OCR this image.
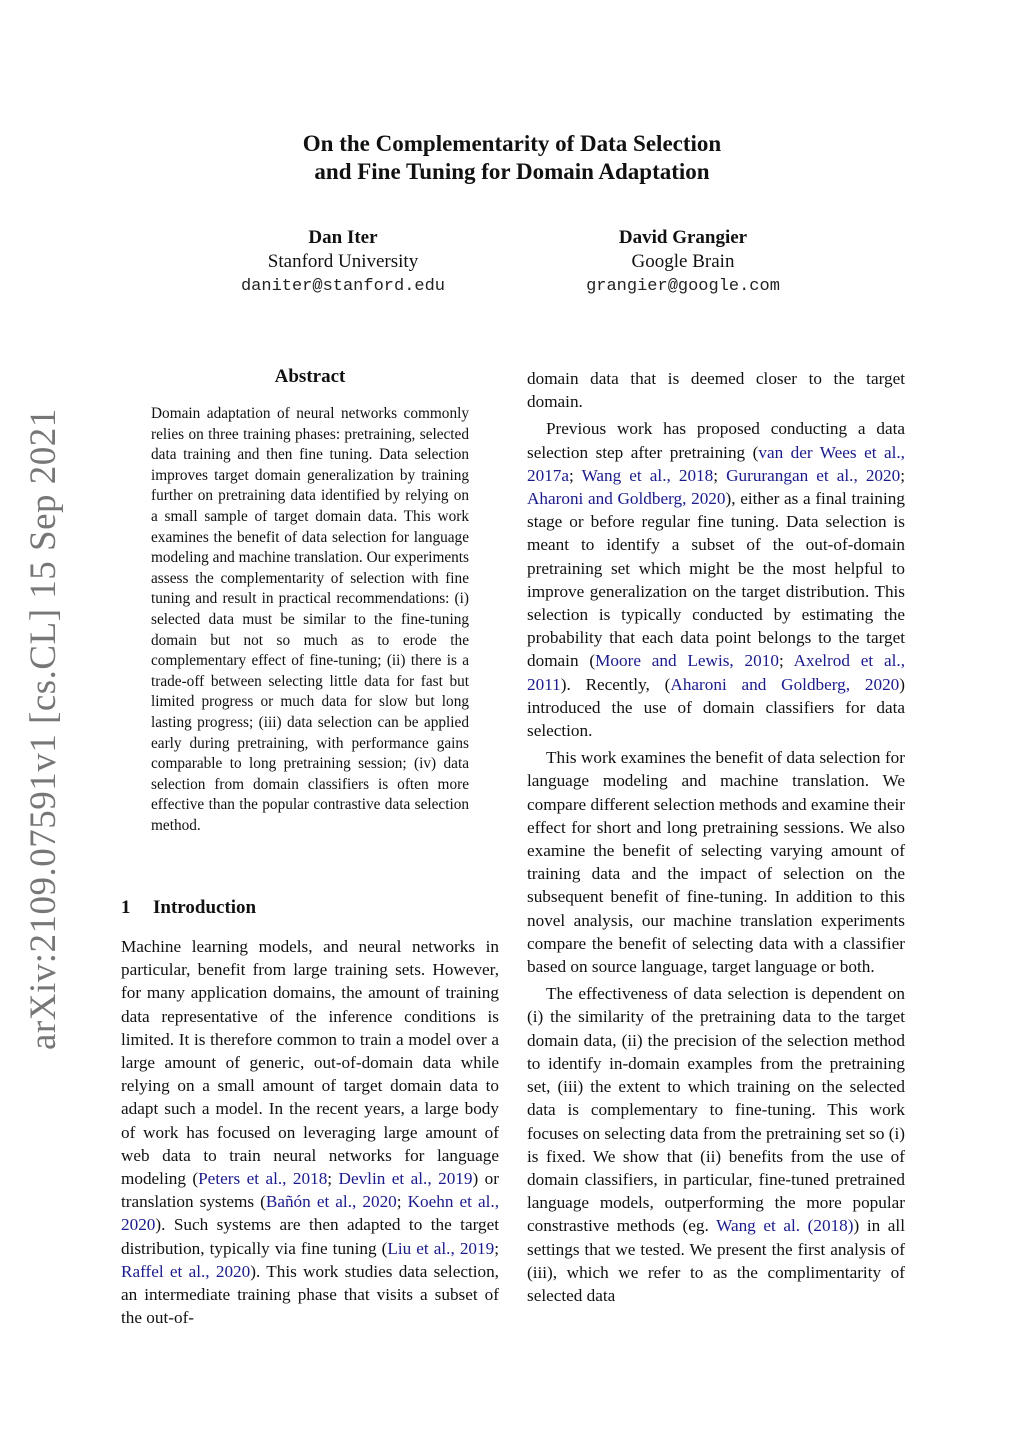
On the Complementarity of Data Selection
and Fine Tuning for Domain Adaptation
Dan Iter
Stanford University
daniter@stanford.edu
David Grangier
Google Brain
grangier@google.com
arXiv:2109.07591v1 [cs.CL] 15 Sep 2021
Abstract

Domain adaptation of neural networks commonly relies on three training phases: pretraining, selected data training and then fine tuning. Data selection improves target domain generalization by training further on pretraining data identified by relying on a small sample of target domain data. This work examines the benefit of data selection for language modeling and machine translation. Our experiments assess the complementarity of selection with fine tuning and result in practical recommendations: (i) selected data must be similar to the fine-tuning domain but not so much as to erode the complementary effect of fine-tuning; (ii) there is a trade-off between selecting little data for fast but limited progress or much data for slow but long lasting progress; (iii) data selection can be applied early during pretraining, with performance gains comparable to long pretraining session; (iv) data selection from domain classifiers is often more effective than the popular contrastive data selection method.

1 Introduction

Machine learning models, and neural networks in particular, benefit from large training sets. However, for many application domains, the amount of training data representative of the inference conditions is limited. It is therefore common to train a model over a large amount of generic, out-of-domain data while relying on a small amount of target domain data to adapt such a model. In the recent years, a large body of work has focused on leveraging large amount of web data to train neural networks for language modeling (Peters et al., 2018; Devlin et al., 2019) or translation systems (Bañón et al., 2020; Koehn et al., 2020). Such systems are then adapted to the target distribution, typically via fine tuning (Liu et al., 2019; Raffel et al., 2020). This work studies data selection, an intermediate training phase that visits a subset of the out-of-

domain data that is deemed closer to the target domain.

Previous work has proposed conducting a data selection step after pretraining (van der Wees et al., 2017a; Wang et al., 2018; Gururangan et al., 2020; Aharoni and Goldberg, 2020), either as a final training stage or before regular fine tuning. Data selection is meant to identify a subset of the out-of-domain pretraining set which might be the most helpful to improve generalization on the target distribution. This selection is typically conducted by estimating the probability that each data point belongs to the target domain (Moore and Lewis, 2010; Axelrod et al., 2011). Recently, (Aharoni and Goldberg, 2020) introduced the use of domain classifiers for data selection.

This work examines the benefit of data selection for language modeling and machine translation. We compare different selection methods and examine their effect for short and long pretraining sessions. We also examine the benefit of selecting varying amount of training data and the impact of selection on the subsequent benefit of fine-tuning. In addition to this novel analysis, our machine translation experiments compare the benefit of selecting data with a classifier based on source language, target language or both.

The effectiveness of data selection is dependent on (i) the similarity of the pretraining data to the target domain data, (ii) the precision of the selection method to identify in-domain examples from the pretraining set, (iii) the extent to which training on the selected data is complementary to fine-tuning. This work focuses on selecting data from the pretraining set so (i) is fixed. We show that (ii) benefits from the use of domain classifiers, in particular, fine-tuned pretrained language models, outperforming the more popular constrastive methods (eg. Wang et al. (2018)) in all settings that we tested. We present the first analysis of (iii), which we refer to as the complimentarity of selected data
